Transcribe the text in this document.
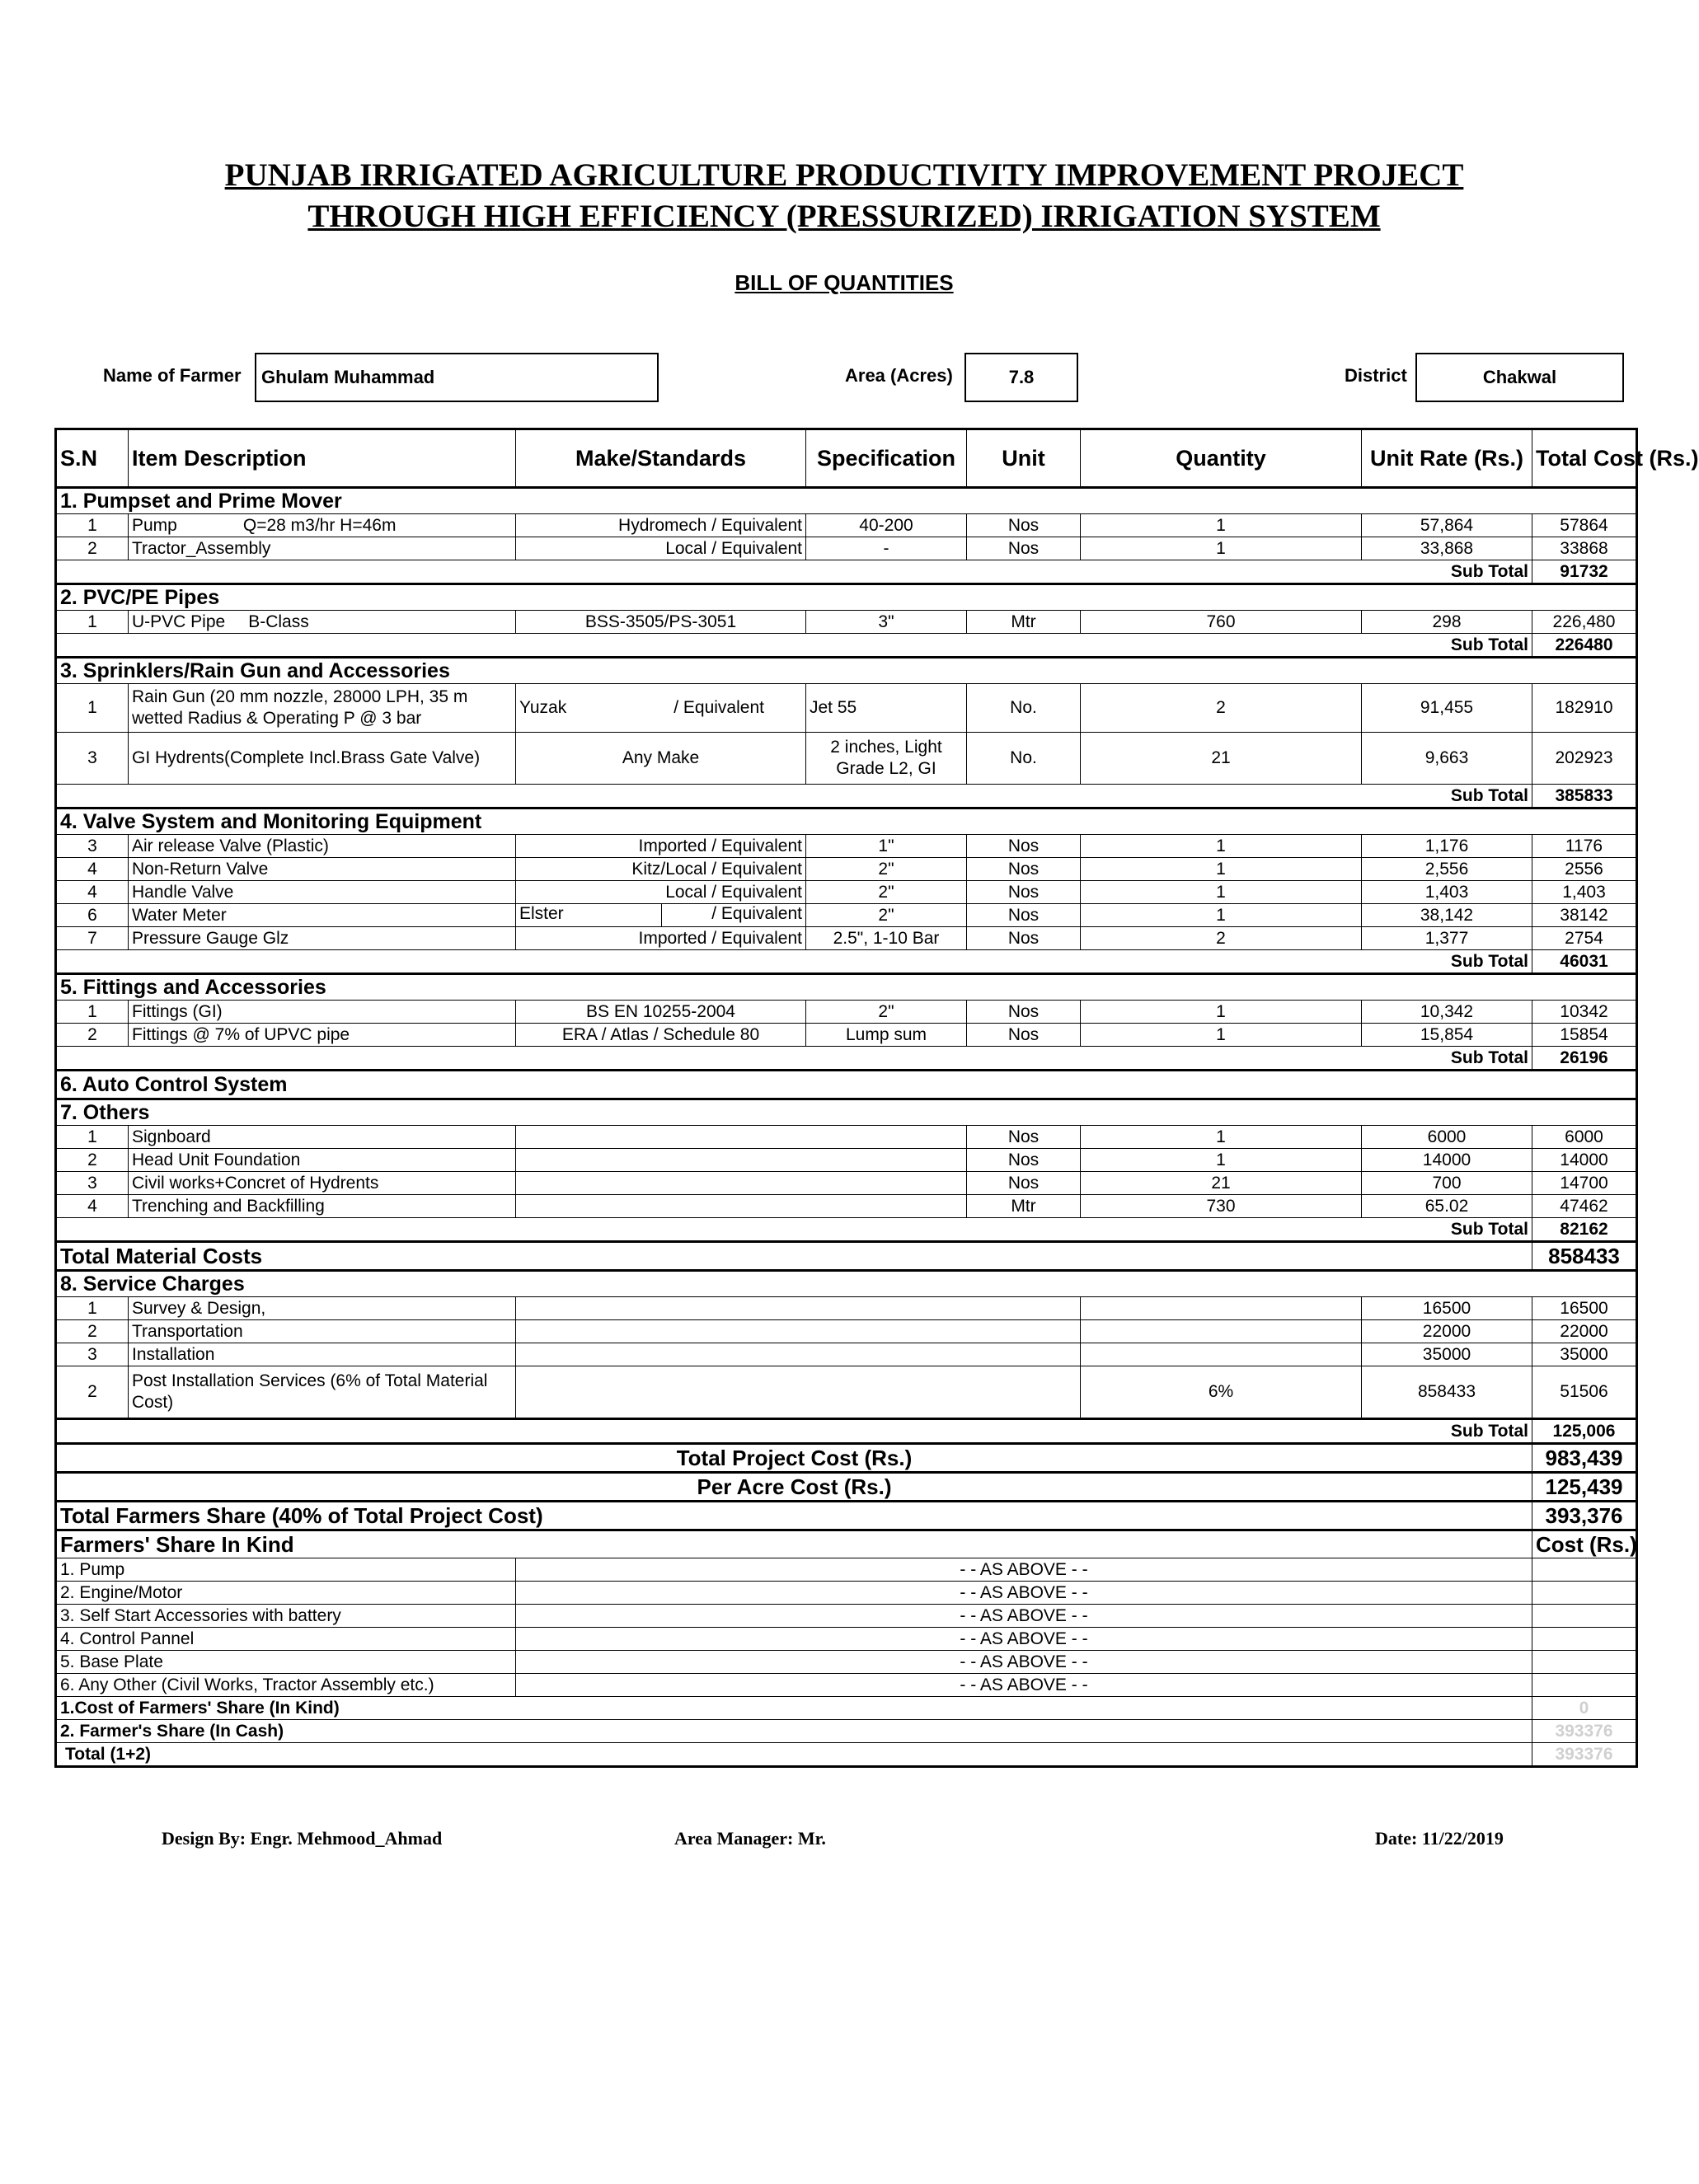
PUNJAB IRRIGATED AGRICULTURE PRODUCTIVITY IMPROVEMENT PROJECT
THROUGH HIGH EFFICIENCY (PRESSURIZED) IRRIGATION SYSTEM
BILL OF QUANTITIES
Name of Farmer	Ghulam Muhammad	Area (Acres)	7.8	District	Chakwal
S.N	Item Description	Make/Standards	Specification	Unit	Quantity	Unit Rate (Rs.)	Total Cost (Rs.)
1. Pumpset and Prime Mover							
1	Pump Q=28 m3/hr H=46m	Hydromech / Equivalent	40-200	Nos	1	57,864	57864
2	Tractor_Assembly	Local / Equivalent	-	Nos	1	33,868	33868
Sub Total							91732
2. PVC/PE Pipes							
1	U-PVC Pipe B-Class	BSS-3505/PS-3051	3"	Mtr	760	298	226,480
Sub Total							226480
3. Sprinklers/Rain Gun and Accessories							
1	Rain Gun (20 mm nozzle, 28000 LPH, 35 m wetted Radius & Operating P @ 3 bar	Yuzak / Equivalent	Jet 55	No.	2	91,455	182910
3	GI Hydrents(Complete Incl.Brass Gate Valve)	Any Make	2 inches, Light Grade L2, GI	No.	21	9,663	202923
Sub Total							385833
4. Valve System and Monitoring Equipment							
3	Air release Valve (Plastic)	Imported / Equivalent	1"	Nos	1	1,176	1176
4	Non-Return Valve	Kitz/Local / Equivalent	2"	Nos	1	2,556	2556
4	Handle Valve	Local / Equivalent	2"	Nos	1	1,403	1,403
6	Water Meter	Elster / Equivalent	2"	Nos	1	38,142	38142
7	Pressure Gauge Glz	Imported / Equivalent	2.5", 1-10 Bar	Nos	2	1,377	2754
Sub Total							46031
5. Fittings and Accessories							
1	Fittings (GI)	BS EN 10255-2004	2"	Nos	1	10,342	10342
2	Fittings @ 7% of UPVC pipe	ERA / Atlas / Schedule 80	Lump sum	Nos	1	15,854	15854
Sub Total							26196
6. Auto Control System							
7. Others							
1	Signboard			Nos	1	6000	6000
2	Head Unit Foundation			Nos	1	14000	14000
3	Civil works+Concret of Hydrents			Nos	21	700	14700
4	Trenching and Backfilling			Mtr	730	65.02	47462
Sub Total							82162
Total Material Costs							858433
8. Service Charges							
1	Survey & Design,					16500	16500
2	Transportation					22000	22000
3	Installation					35000	35000
2	Post Installation Services (6% of Total Material Cost)				6%	858433	51506
Sub Total							125,006
Total Project Cost (Rs.)							983,439
Per Acre Cost (Rs.)							125,439
Total Farmers Share (40% of Total Project Cost)							393,376
Farmers' Share In Kind							Cost (Rs.)
1. Pump		- - AS ABOVE - -					
2. Engine/Motor		- - AS ABOVE - -					
3. Self Start Accessories with battery		- - AS ABOVE - -					
4. Control Pannel		- - AS ABOVE - -					
5. Base Plate		- - AS ABOVE - -					
6. Any Other (Civil Works, Tractor Assembly etc.)		- - AS ABOVE - -					
1.Cost of Farmers' Share (In Kind)							0
2. Farmer's Share (In Cash)							393376
Total (1+2)							393376
Design By: Engr. Mehmood_Ahmad	Area Manager: Mr.	Date: 11/22/2019
